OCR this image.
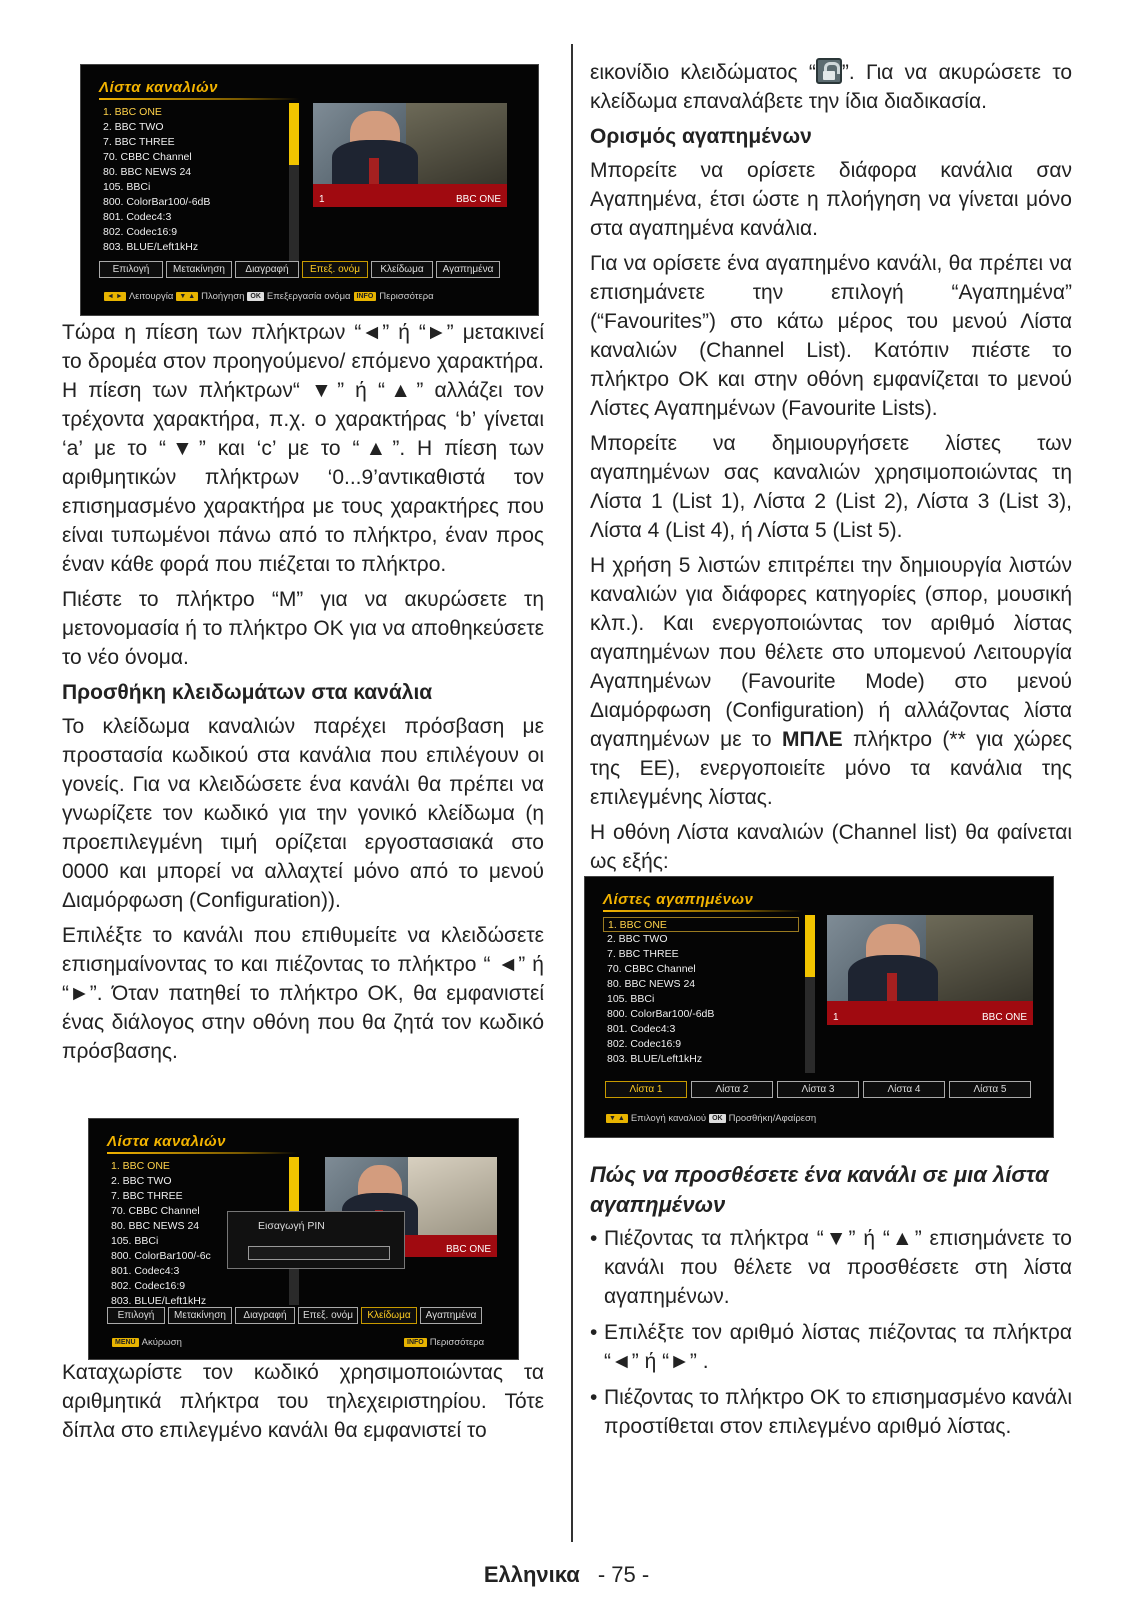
Τώρα η πίεση των πλήκτρων “◄” ή “►” μετακινεί το δρομέα στον προηγούμενο/ επόμενο χαρακτήρα. Η πίεση των πλήκτρων“ ▼” ή “▲” αλλάζει τον τρέχοντα χαρακτήρα, π.χ. ο χαρακτήρας ‘b’ γίνεται ‘a’ με το “▼” και ‘c’ με το “▲”. Η πίεση των αριθμητικών πλήκτρων ‘0...9’αντικαθιστά τον επισημασμένο χαρακτήρα με τους χαρακτήρες που είναι τυπωμένοι πάνω από το πλήκτρο, έναν προς έναν κάθε φορά που πιέζεται το πλήκτρο.

Πιέστε το πλήκτρο “M” για να ακυρώσετε τη μετονομασία ή το πλήκτρο OK για να αποθηκεύσετε το νέο όνομα.

Προσθήκη κλειδωμάτων στα κανάλια

Το κλείδωμα καναλιών παρέχει πρόσβαση με προστασία κωδικού στα κανάλια που επιλέγουν οι γονείς. Για να κλειδώσετε ένα κανάλι θα πρέπει να γνωρίζετε τον κωδικό για την γονικό κλείδωμα (η προεπιλεγμένη τιμή ορίζεται εργοστασιακά στο 0000 και μπορεί να αλλαχτεί μόνο από το μενού Διαμόρφωση (Configuration)).

Επιλέξτε το κανάλι που επιθυμείτε να κλειδώσετε επισημαίνοντας το και πιέζοντας το πλήκτρο “ ◄” ή “►”. Όταν πατηθεί το πλήκτρο OK, θα εμφανιστεί ένας διάλογος στην οθόνη που θα ζητά τον κωδικό πρόσβασης.

Καταχωρίστε τον κωδικό χρησιμοποιώντας τα αριθμητικά πλήκτρα του τηλεχειριστηρίου. Τότε δίπλα στο επιλεγμένο κανάλι θα εμφανιστεί το

εικονίδιο κλειδώματος “ ”. Για να ακυρώσετε το κλείδωμα επαναλάβετε την ίδια διαδικασία.

Ορισμός αγαπημένων

Μπορείτε να ορίσετε διάφορα κανάλια σαν Αγαπημένα, έτσι ώστε η πλοήγηση να γίνεται μόνο στα αγαπημένα κανάλια.

Για να ορίσετε ένα αγαπημένο κανάλι, θα πρέπει να επισημάνετε την επιλογή “Αγαπημένα” (“Favourites”) στο κάτω μέρος του μενού Λίστα καναλιών (Channel List). Κατόπιν πιέστε το πλήκτρο OK και στην οθόνη εμφανίζεται το μενού Λίστες Αγαπημένων (Favourite Lists).

Μπορείτε να δημιουργήσετε λίστες των αγαπημένων σας καναλιών χρησιμοποιώντας τη Λίστα 1 (List 1), Λίστα 2 (List 2), Λίστα 3 (List 3), Λίστα 4 (List 4), ή Λίστα 5 (List 5).

Η χρήση 5 λιστών επιτρέπει την δημιουργία λιστών καναλιών για διάφορες κατηγορίες (σπορ, μουσική κλπ.). Και ενεργοποιώντας τον αριθμό λίστας αγαπημένων που θέλετε στο υπομενού Λειτουργία Αγαπημένων (Favourite Mode) στο μενού Διαμόρφωση (Configuration) ή αλλάζοντας λίστα αγαπημένων με το ΜΠΛΕ πλήκτρο (** για χώρες της ΕΕ), ενεργοποιείτε μόνο τα κανάλια της επιλεγμένης λίστας.

Η οθόνη Λίστα καναλιών (Channel list) θα φαίνεται ως εξής:

Πώς να προσθέσετε ένα κανάλι σε μια λίστα αγαπημένων
• Πιέζοντας τα πλήκτρα “▼” ή “▲” επισημάνετε το κανάλι που θέλετε να προσθέσετε στη λίστα αγαπημένων.
• Επιλέξτε τον αριθμό λίστας πιέζοντας τα πλήκτρα “◄” ή “►” .
• Πιέζοντας το πλήκτρο OK το επισημασμένο κανάλι προστίθεται στον επιλεγμένο αριθμό λίστας.
Λίστα καναλιών
1. BBC ONE
2. BBC TWO
7. BBC THREE
70. CBBC Channel
80. BBC NEWS 24
105. BBCi
800. ColorBar100/-6dB
801. Codec4:3
802. Codec16:9
803. BLUE/Left1kHz
1	BBC ONE
Επιλογή	Μετακίνηση	Διαγραφή	Επεξ. ονόμ	Κλείδωμα	Αγαπημένα
◄ ► Λειτουργία ▼ ▲ Πλοήγηση OK Επεξεργασία ονόμα INFO Περισσότερα
Λίστα καναλιών
1. BBC ONE
2. BBC TWO
7. BBC THREE
70. CBBC Channel
80. BBC NEWS 24
105. BBCi
800. ColorBar100/-6c
801. Codec4:3
802. Codec16:9
803. BLUE/Left1kHz
BBC ONE
Εισαγωγή PIN
Επιλογή	Μετακίνηση	Διαγραφή	Επεξ. ονόμ	Κλείδωμα	Αγαπημένα
MENU Ακύρωση	INFO Περισσότερα
Λίστες αγαπημένων
1. BBC ONE
2. BBC TWO
7. BBC THREE
70. CBBC Channel
80. BBC NEWS 24
105. BBCi
800. ColorBar100/-6dB
801. Codec4:3
802. Codec16:9
803. BLUE/Left1kHz
1	BBC ONE
Λίστα 1	Λίστα 2	Λίστα 3	Λίστα 4	Λίστα 5
▼ ▲ Επιλογή καναλιού OK Προσθήκη/Αφαίρεση
Ελληνικα - 75 -
